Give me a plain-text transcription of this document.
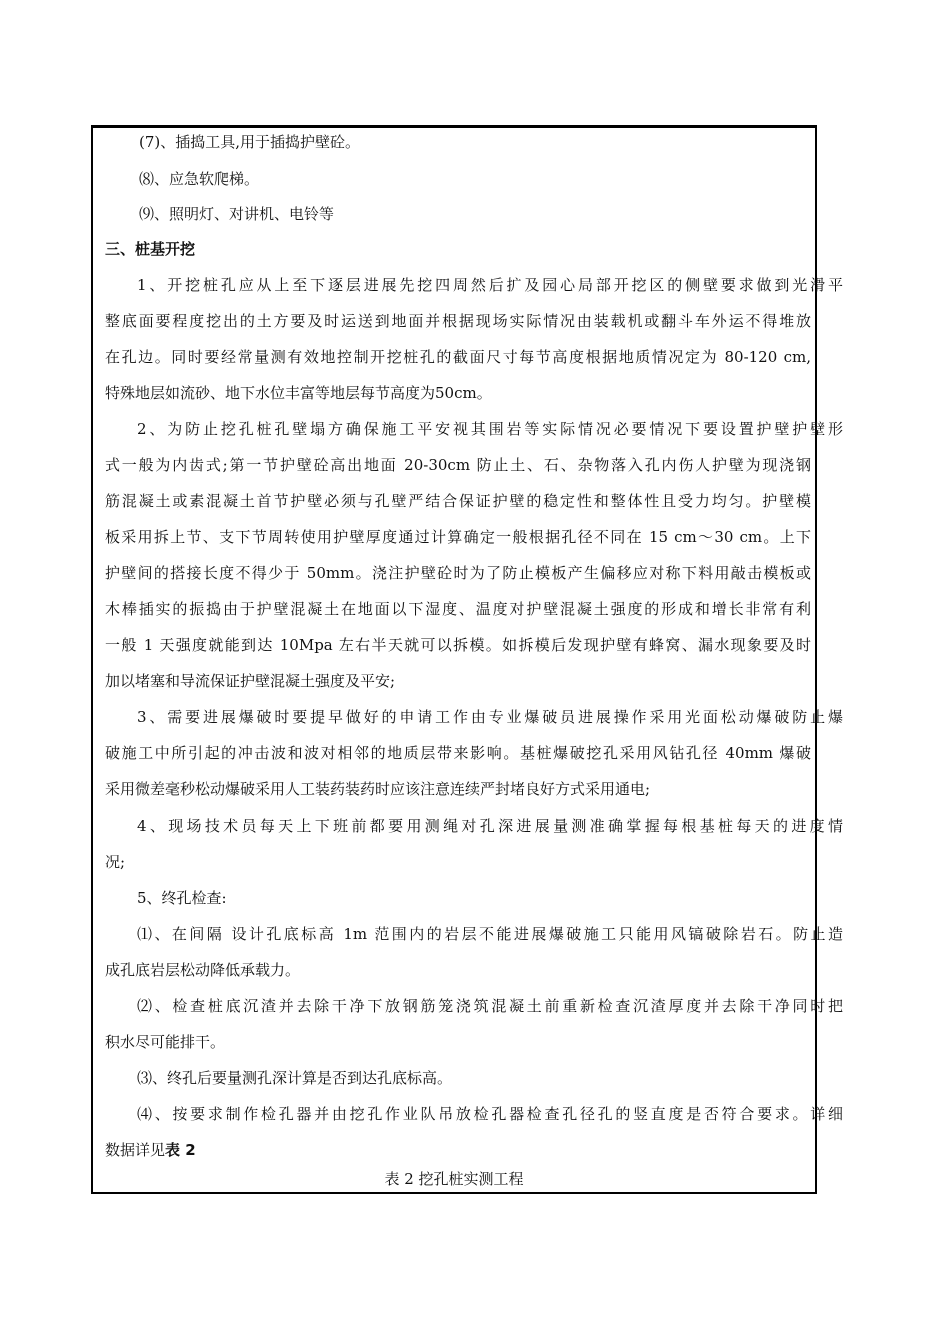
(7)、插捣工具,用于插捣护壁砼。
⑻、应急软爬梯。
⑼、照明灯、对讲机、电铃等
三、桩基开挖
1、开挖桩孔应从上至下逐层进展先挖四周然后扩及园心局部开挖区的侧壁要求做到光滑平
整底面要程度挖出的土方要及时运送到地面并根据现场实际情况由装载机或翻斗车外运不得堆放
在孔边。同时要经常量测有效地控制开挖桩孔的截面尺寸每节高度根据地质情况定为 80-120 cm,
特殊地层如流砂、地下水位丰富等地层每节高度为50cm。
2、为防止挖孔桩孔壁塌方确保施工平安视其围岩等实际情况必要情况下要设置护壁护壁形
式一般为内齿式;第一节护壁砼高出地面 20-30cm 防止土、石、杂物落入孔内伤人护壁为现浇钢
筋混凝土或素混凝土首节护壁必须与孔壁严结合保证护壁的稳定性和整体性且受力均匀。护壁模
板采用拆上节、支下节周转使用护壁厚度通过计算确定一般根据孔径不同在 15 cm～30 cm。上下
护壁间的搭接长度不得少于 50mm。浇注护壁砼时为了防止模板产生偏移应对称下料用敲击模板或
木棒插实的振捣由于护壁混凝土在地面以下湿度、温度对护壁混凝土强度的形成和增长非常有利
一般 1 天强度就能到达 10Mpa 左右半天就可以拆模。如拆模后发现护壁有蜂窝、漏水现象要及时
加以堵塞和导流保证护壁混凝土强度及平安;
3、需要进展爆破时要提早做好的申请工作由专业爆破员进展操作采用光面松动爆破防止爆
破施工中所引起的冲击波和波对相邻的地质层带来影响。基桩爆破挖孔采用风钻孔径 40mm 爆破
采用微差毫秒松动爆破采用人工装药装药时应该注意连续严封堵良好方式采用通电;
4、现场技术员每天上下班前都要用测绳对孔深进展量测准确掌握每根基桩每天的进度情
况;
5、终孔检查:
⑴、在间隔 设计孔底标高 1m 范围内的岩层不能进展爆破施工只能用风镐破除岩石。防止造
成孔底岩层松动降低承载力。
⑵、检查桩底沉渣并去除干净下放钢筋笼浇筑混凝土前重新检查沉渣厚度并去除干净同时把
积水尽可能排干。
⑶、终孔后要量测孔深计算是否到达孔底标高。
⑷、按要求制作检孔器并由挖孔作业队吊放检孔器检查孔径孔的竖直度是否符合要求。详细
数据详见表 2
表 2 挖孔桩实测工程
